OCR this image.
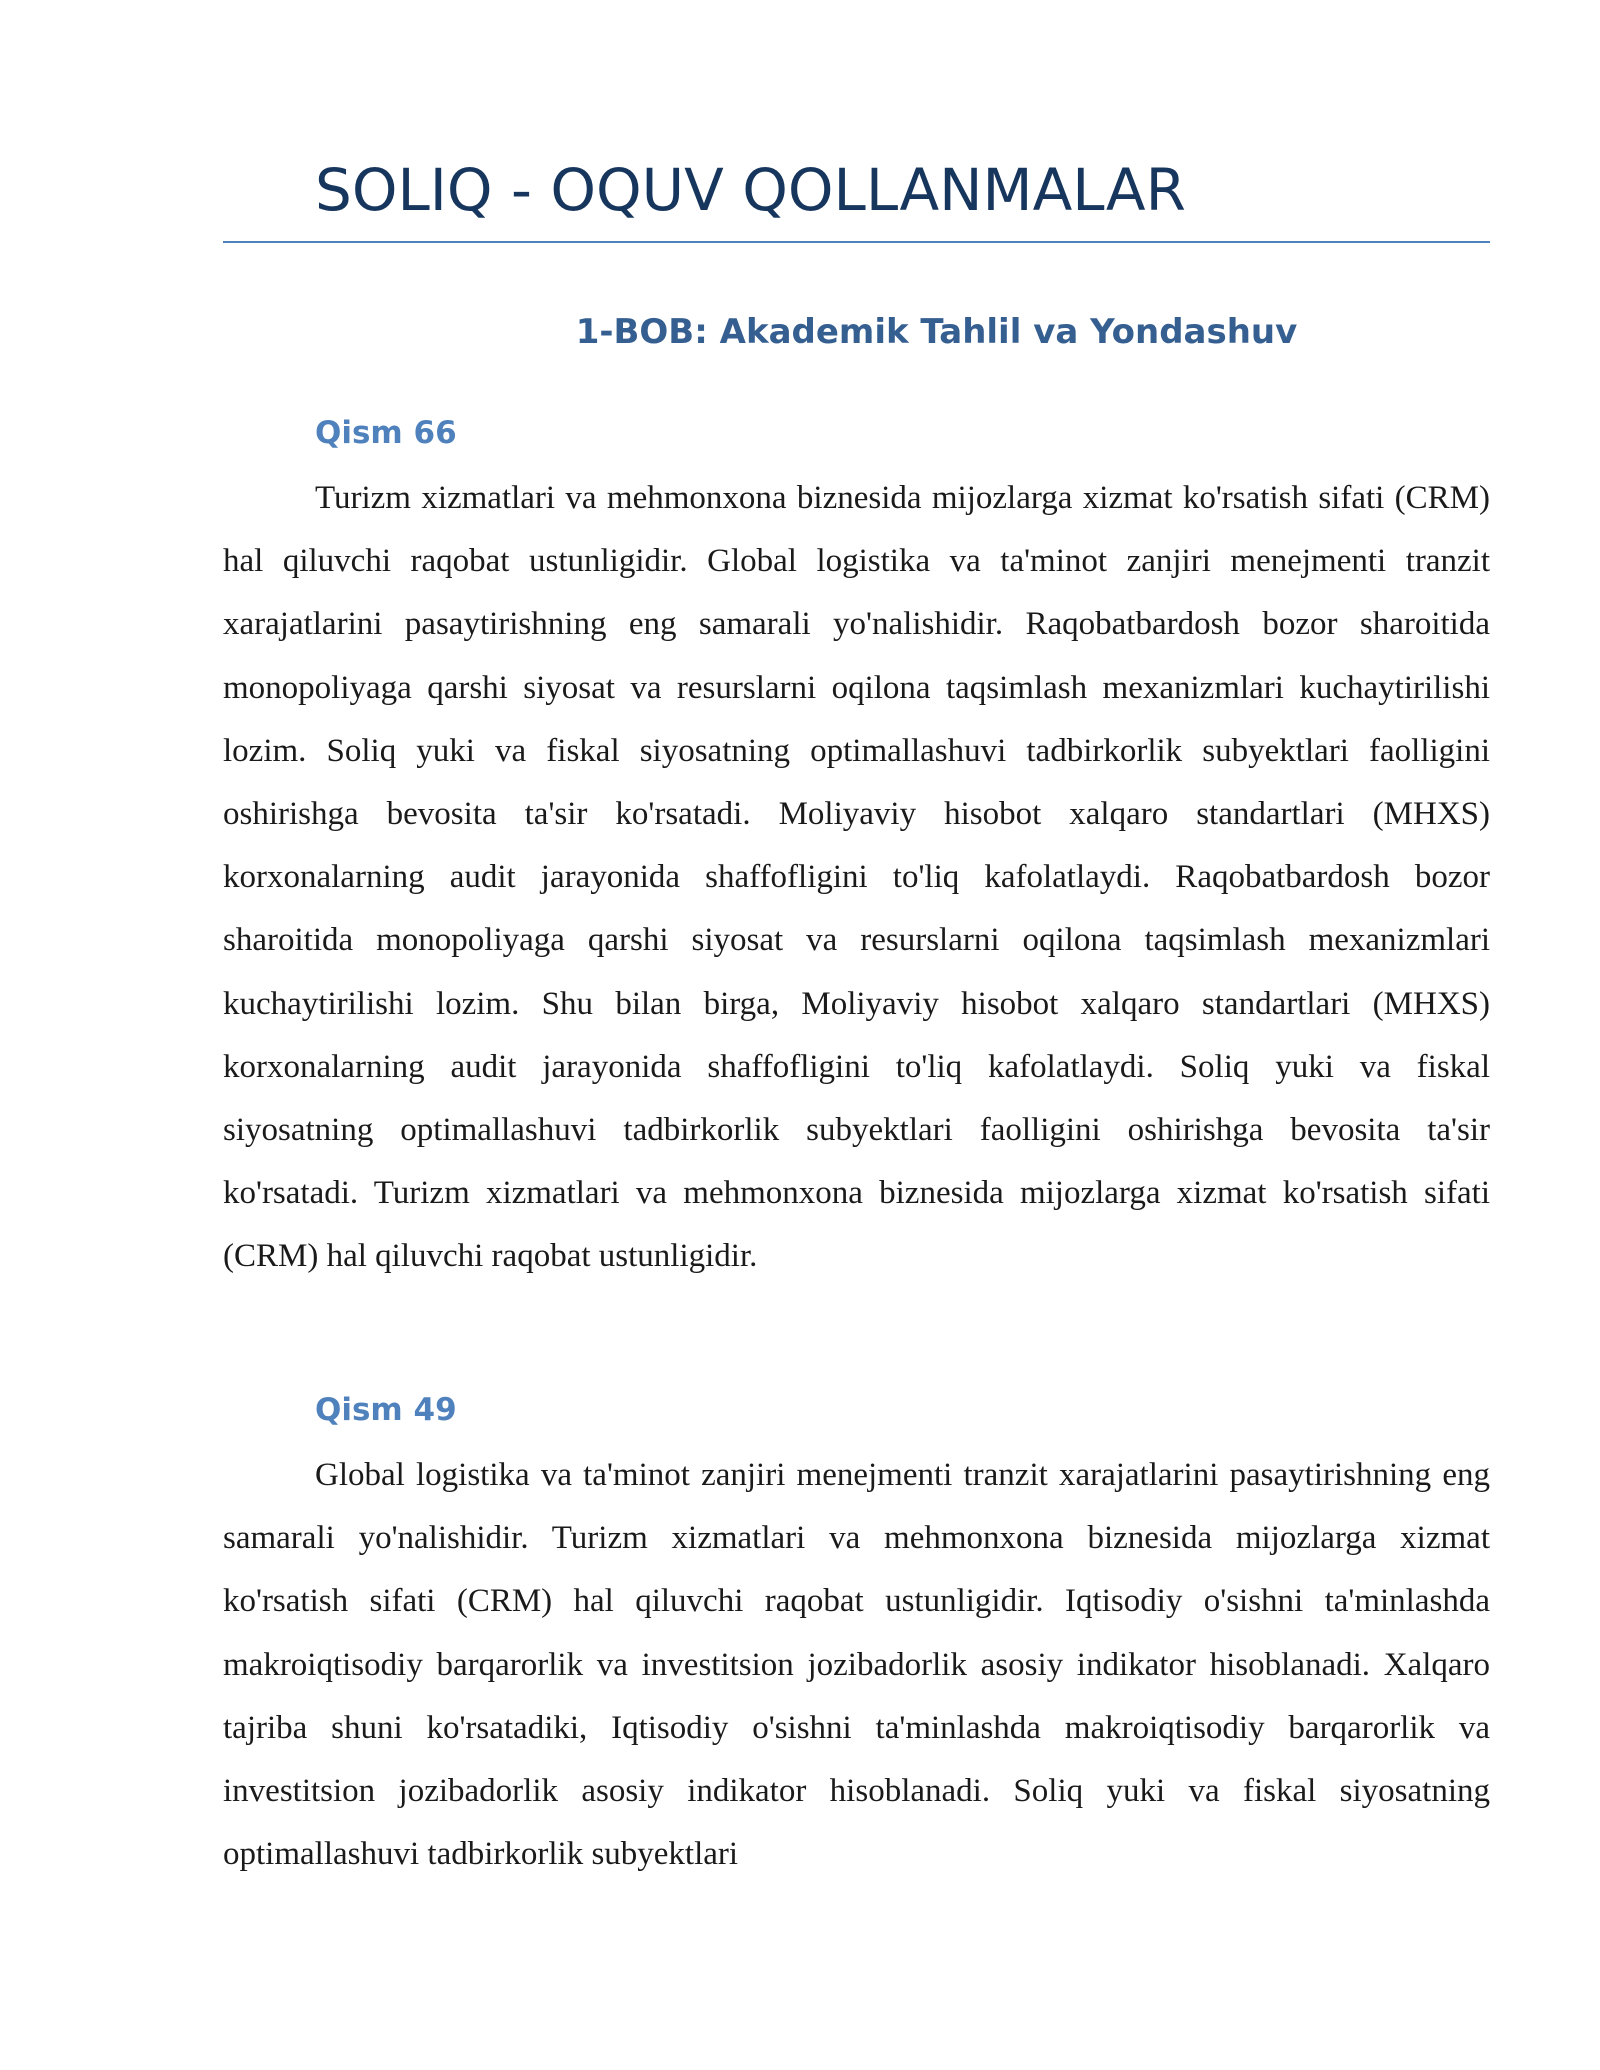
SOLIQ - OQUV QOLLANMALAR
1-BOB: Akademik Tahlil va Yondashuv
Qism 66

Turizm xizmatlari va mehmonxona biznesida mijozlarga xizmat ko'rsatish sifati (CRM) hal qiluvchi raqobat ustunligidir. Global logistika va ta'minot zanjiri menejmenti tranzit xarajatlarini pasaytirishning eng samarali yo'nalishidir. Raqobatbardosh bozor sharoitida monopoliyaga qarshi siyosat va resurslarni oqilona taqsimlash mexanizmlari kuchaytirilishi lozim. Soliq yuki va fiskal siyosatning optimallashuvi tadbirkorlik subyektlari faolligini oshirishga bevosita ta'sir ko'rsatadi. Moliyaviy hisobot xalqaro standartlari (MHXS) korxonalarning audit jarayonida shaffofligini to'liq kafolatlaydi. Raqobatbardosh bozor sharoitida monopoliyaga qarshi siyosat va resurslarni oqilona taqsimlash mexanizmlari kuchaytirilishi lozim. Shu bilan birga, Moliyaviy hisobot xalqaro standartlari (MHXS) korxonalarning audit jarayonida shaffofligini to'liq kafolatlaydi. Soliq yuki va fiskal siyosatning optimallashuvi tadbirkorlik subyektlari faolligini oshirishga bevosita ta'sir ko'rsatadi. Turizm xizmatlari va mehmonxona biznesida mijozlarga xizmat ko'rsatish sifati (CRM) hal qiluvchi raqobat ustunligidir.

Qism 49

Global logistika va ta'minot zanjiri menejmenti tranzit xarajatlarini pasaytirishning eng samarali yo'nalishidir. Turizm xizmatlari va mehmonxona biznesida mijozlarga xizmat ko'rsatish sifati (CRM) hal qiluvchi raqobat ustunligidir. Iqtisodiy o'sishni ta'minlashda makroiqtisodiy barqarorlik va investitsion jozibadorlik asosiy indikator hisoblanadi. Xalqaro tajriba shuni ko'rsatadiki, Iqtisodiy o'sishni ta'minlashda makroiqtisodiy barqarorlik va investitsion jozibadorlik asosiy indikator hisoblanadi. Soliq yuki va fiskal siyosatning optimallashuvi tadbirkorlik subyektlari
